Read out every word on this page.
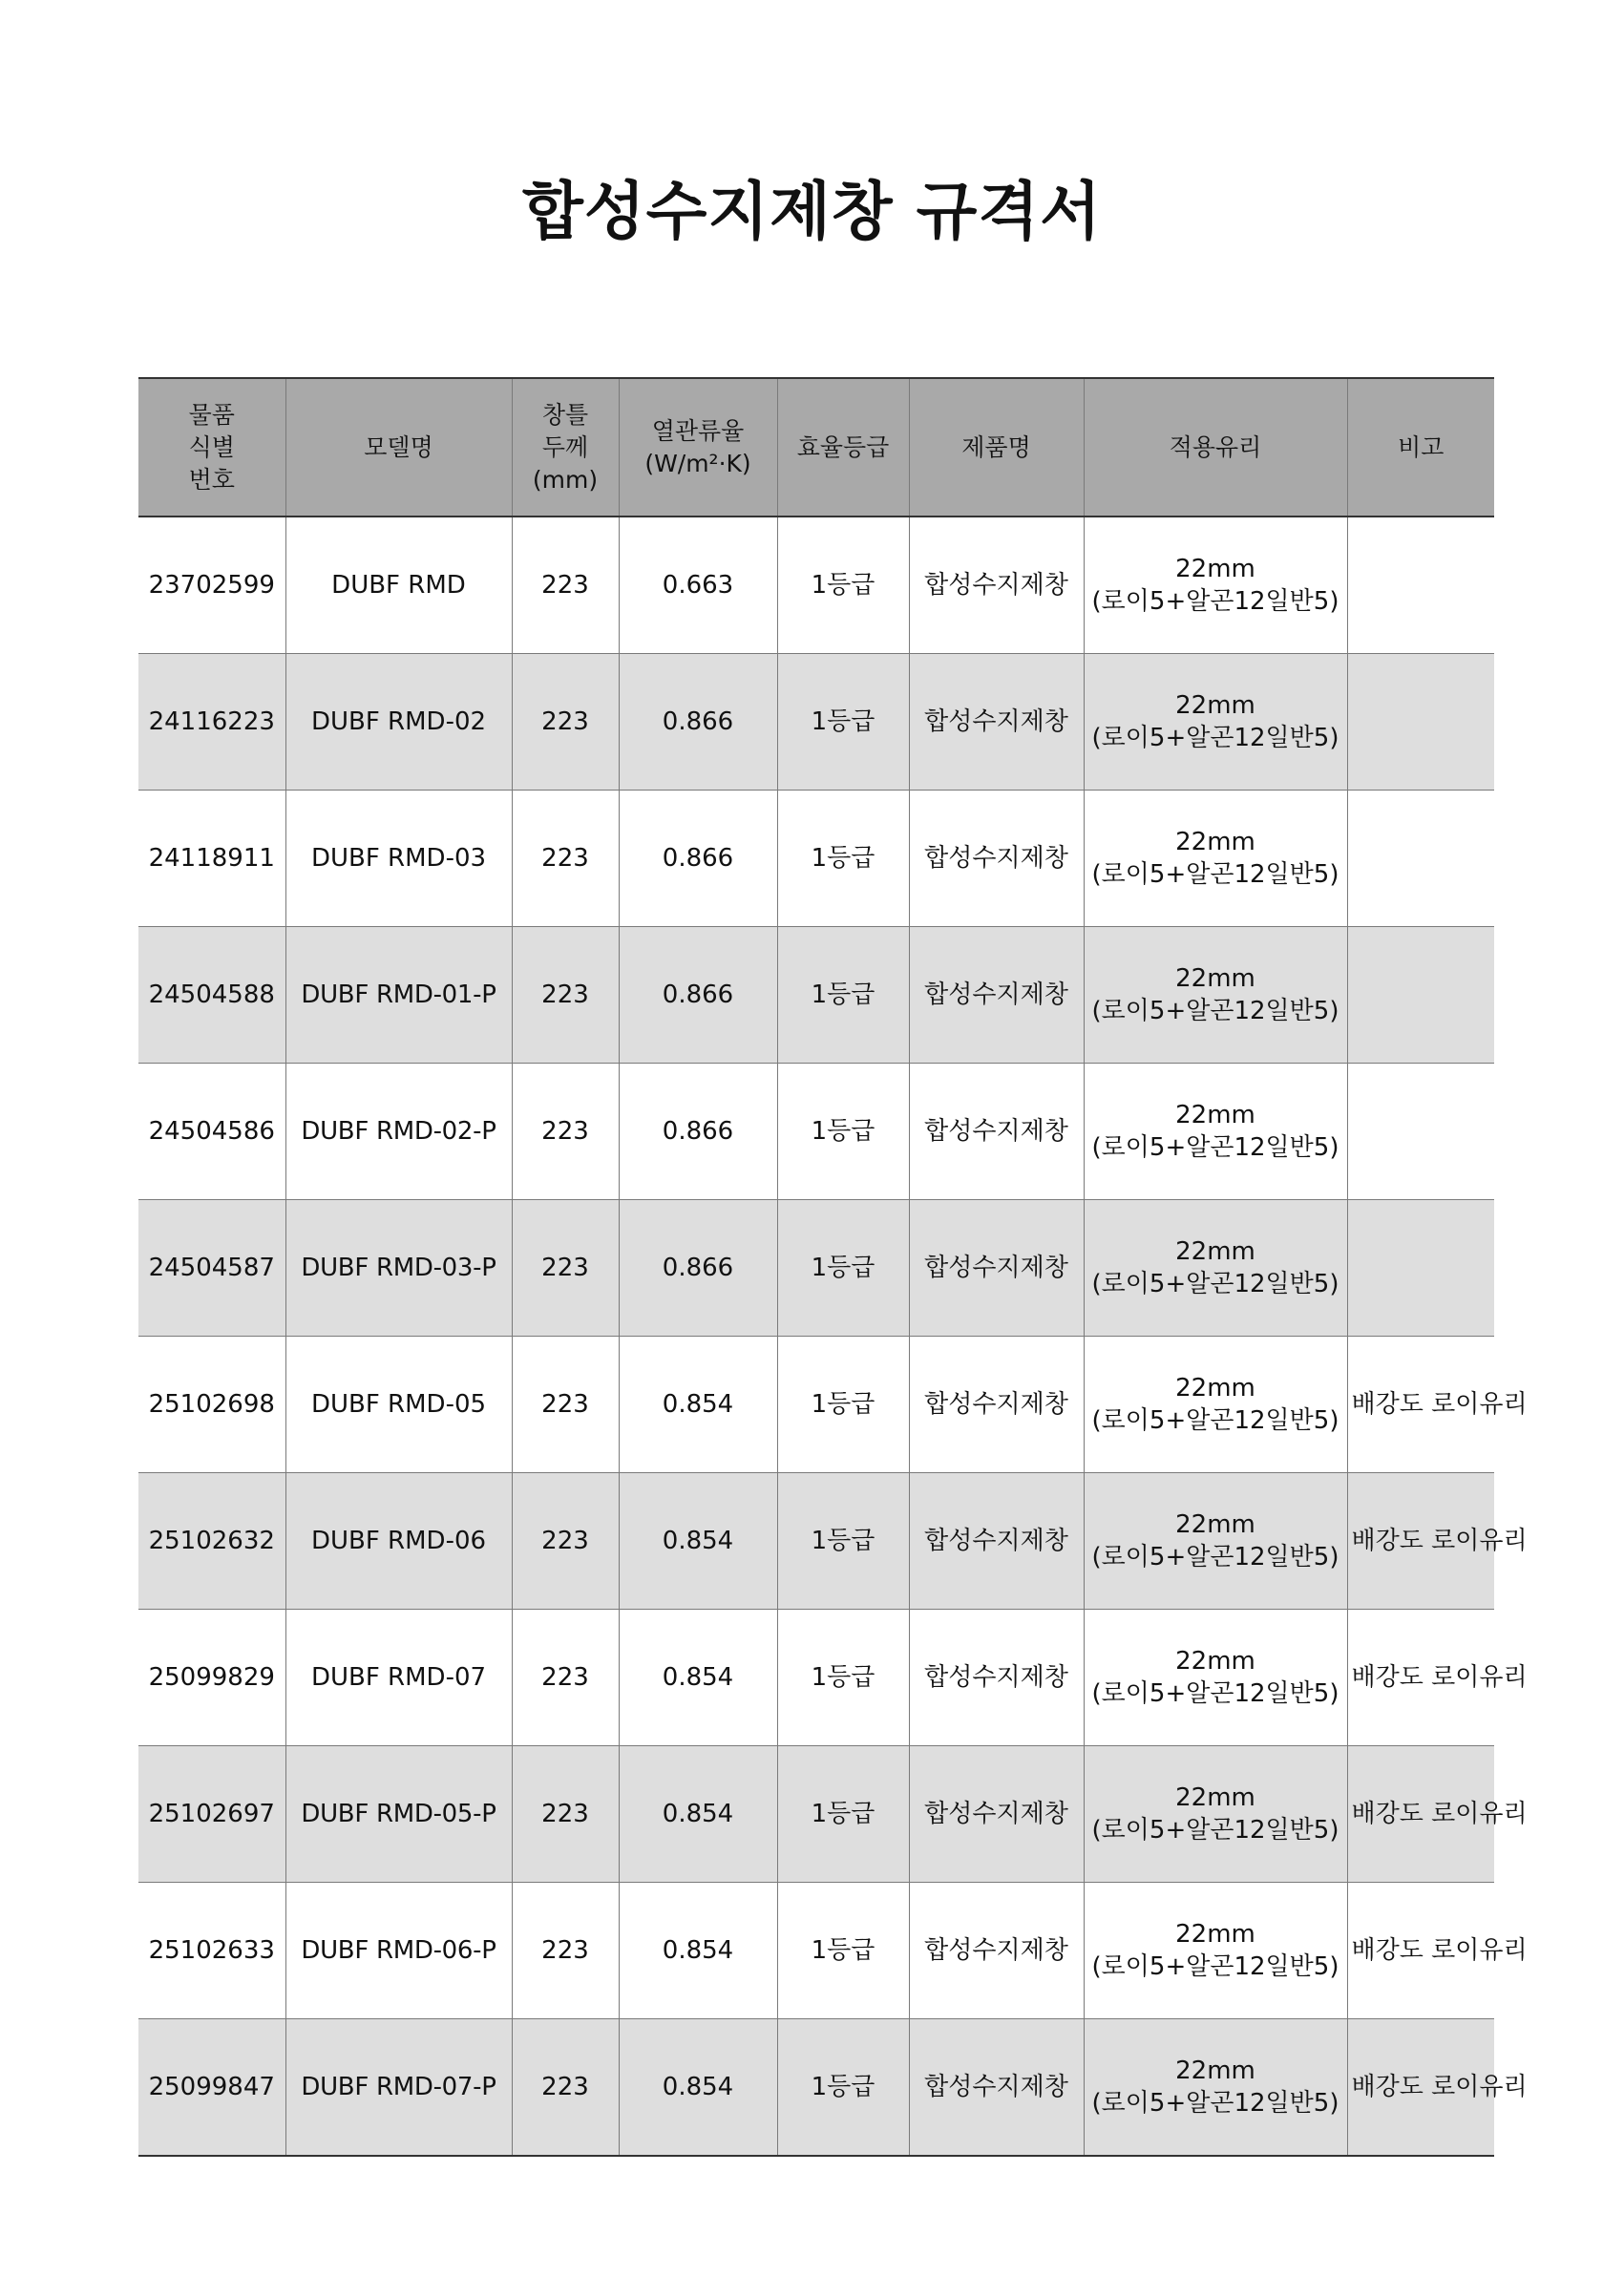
합성수지제창 규격서
물품
식별
번호	모델명	창틀
두께
(mm)	열관류율
(W/m²·K)	효율등급	제품명	적용유리	비고
23702599	DUBF RMD	223	0.663	1등급	합성수지제창	22mm
(로이5+알곤12일반5)	

24116223	DUBF RMD-02	223	0.866	1등급	합성수지제창	22mm
(로이5+알곤12일반5)	

24118911	DUBF RMD-03	223	0.866	1등급	합성수지제창	22mm
(로이5+알곤12일반5)	

24504588	DUBF RMD-01-P	223	0.866	1등급	합성수지제창	22mm
(로이5+알곤12일반5)	

24504586	DUBF RMD-02-P	223	0.866	1등급	합성수지제창	22mm
(로이5+알곤12일반5)	

24504587	DUBF RMD-03-P	223	0.866	1등급	합성수지제창	22mm
(로이5+알곤12일반5)	

25102698	DUBF RMD-05	223	0.854	1등급	합성수지제창	22mm
(로이5+알곤12일반5)	배강도 로이유리
25102632	DUBF RMD-06	223	0.854	1등급	합성수지제창	22mm
(로이5+알곤12일반5)	배강도 로이유리
25099829	DUBF RMD-07	223	0.854	1등급	합성수지제창	22mm
(로이5+알곤12일반5)	배강도 로이유리
25102697	DUBF RMD-05-P	223	0.854	1등급	합성수지제창	22mm
(로이5+알곤12일반5)	배강도 로이유리
25102633	DUBF RMD-06-P	223	0.854	1등급	합성수지제창	22mm
(로이5+알곤12일반5)	배강도 로이유리
25099847	DUBF RMD-07-P	223	0.854	1등급	합성수지제창	22mm
(로이5+알곤12일반5)	배강도 로이유리
